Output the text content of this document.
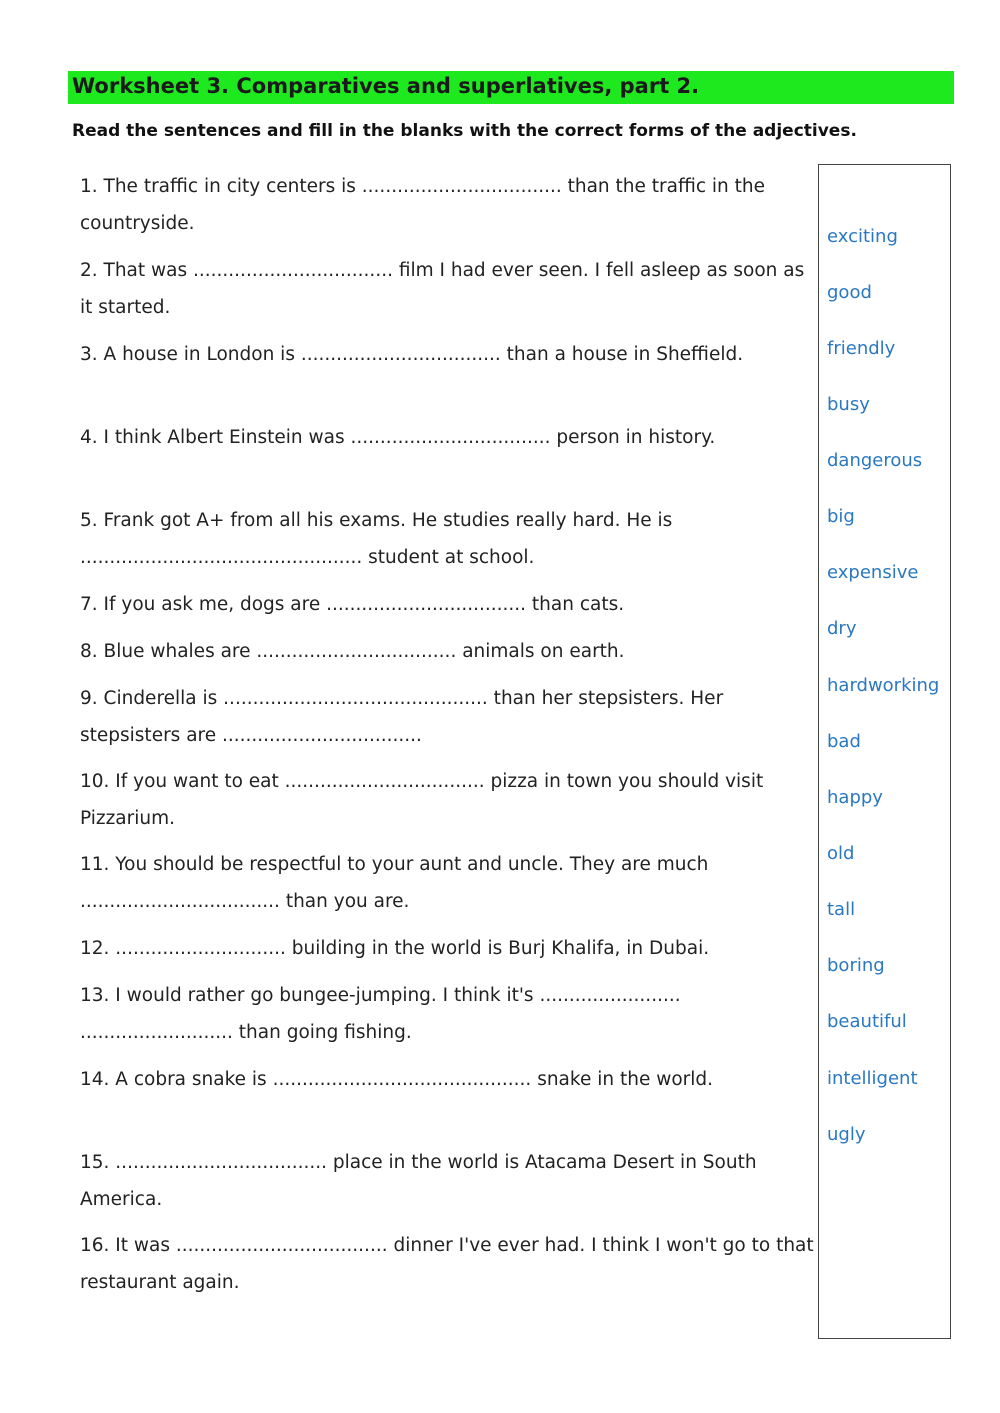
Worksheet 3. Comparatives and superlatives, part 2.

Read the sentences and fill in the blanks with the correct forms of the adjectives.

1. The traffic in city centers is .................................. than the traffic in the countryside.

2. That was .................................. film I had ever seen. I fell asleep as soon as it started.

3. A house in London is .................................. than a house in Sheffield.

4. I think Albert Einstein was .................................. person in history.

5. Frank got A+ from all his exams. He studies really hard. He is ................................................ student at school.

7. If you ask me, dogs are .................................. than cats.

8. Blue whales are .................................. animals on earth.

9. Cinderella is ............................................. than her stepsisters. Her stepsisters are ..................................

10. If you want to eat .................................. pizza in town you should visit Pizzarium.

11. You should be respectful to your aunt and uncle. They are much .................................. than you are.

12. ............................. building in the world is Burj Khalifa, in Dubai.

13. I would rather go bungee-jumping. I think it's ........................ .......................... than going fishing.

14. A cobra snake is ............................................ snake in the world.

15. .................................... place in the world is Atacama Desert in South America.

16. It was .................................... dinner I've ever had. I think I won't go to that restaurant again.

exciting
good
friendly
busy
dangerous
big
expensive
dry
hardworking
bad
happy
old
tall
boring
beautiful
intelligent
ugly
